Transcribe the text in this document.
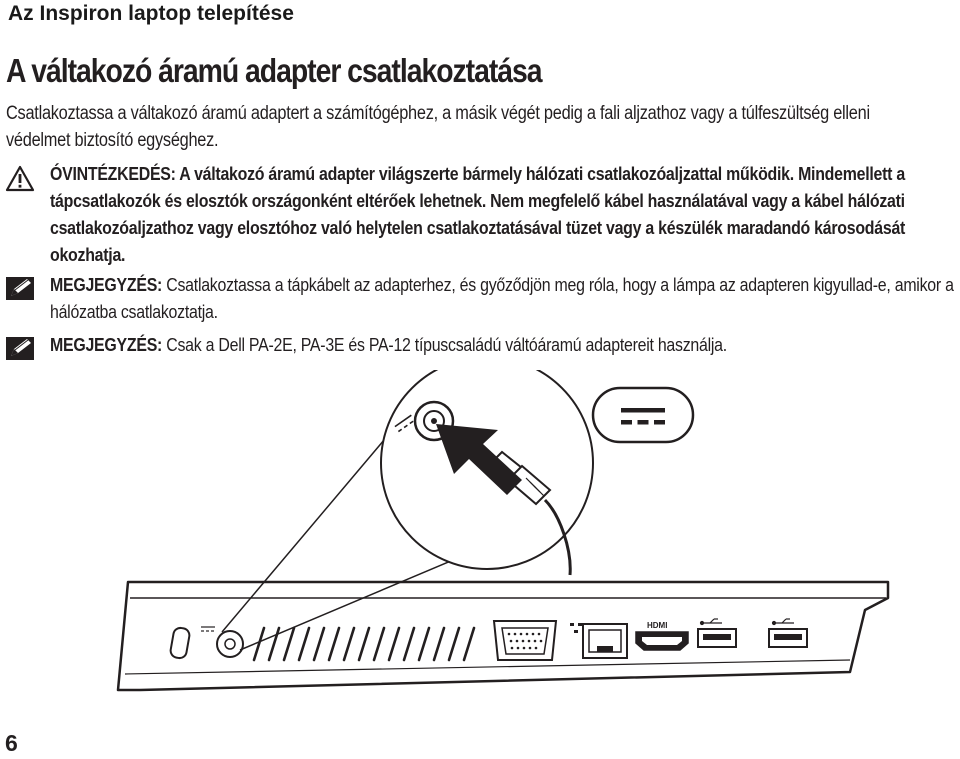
Az Inspiron laptop telepítése
A váltakozó áramú adapter csatlakoztatása
Csatlakoztassa a váltakozó áramú adaptert a számítógéphez, a másik végét pedig a fali aljzathoz vagy a túlfeszültség elleni védelmet biztosító egységhez.
ÓVINTÉZKEDÉS: A váltakozó áramú adapter világszerte bármely hálózati csatlakozóaljzattal működik. Mindemellett a tápcsatlakozók és elosztók országonként eltérőek lehetnek. Nem megfelelő kábel használatával vagy a kábel hálózati csatlakozóaljzathoz vagy elosztóhoz való helytelen csatlakoztatásával tüzet vagy a készülék maradandó károsodását okozhatja.
MEGJEGYZÉS: Csatlakoztassa a tápkábelt az adapterhez, és győződjön meg róla, hogy a lámpa az adapteren kigyullad-e, amikor a hálózatba csatlakoztatja.
MEGJEGYZÉS: Csak a Dell PA-2E, PA-3E és PA-12 típuscsaládú váltóáramú adaptereit használja.
HDMI
6
